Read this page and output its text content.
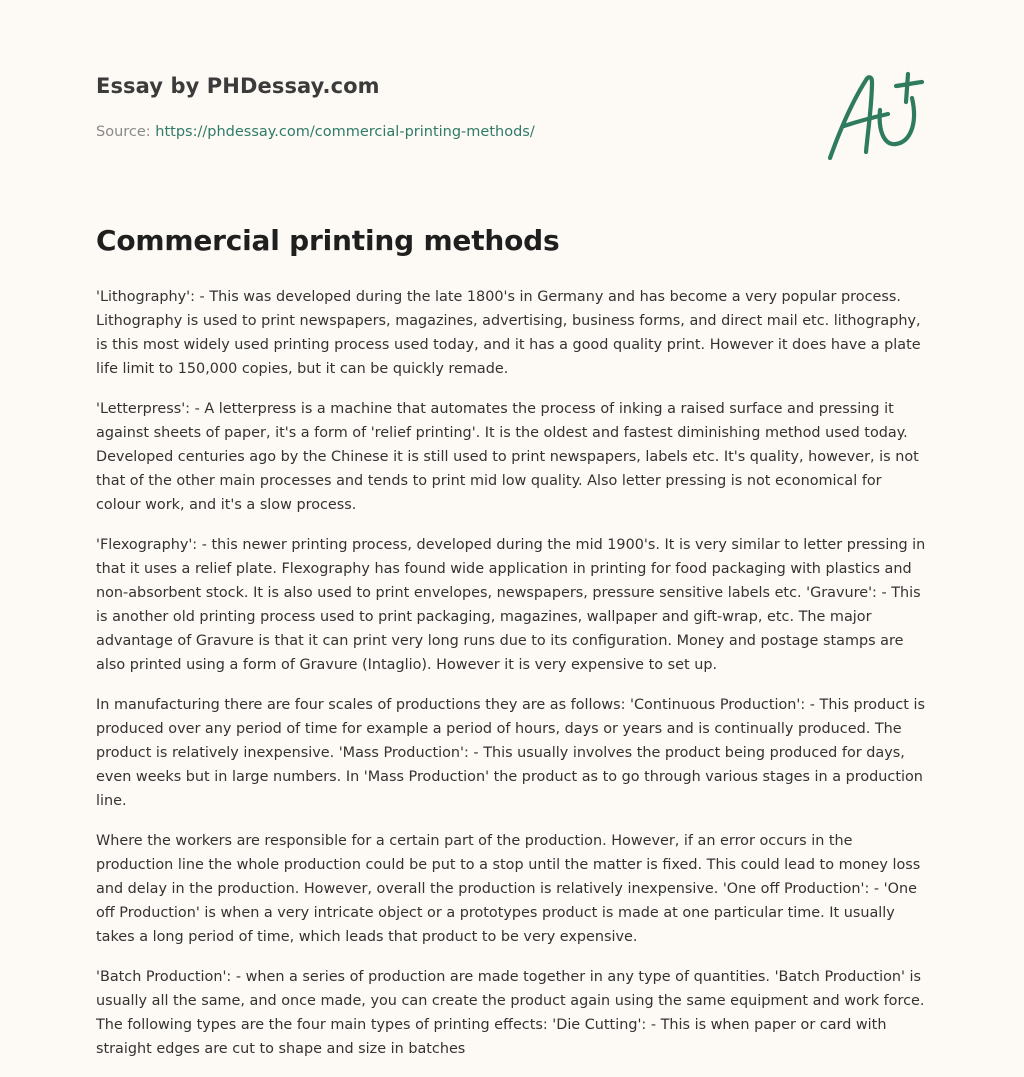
Essay by PHDessay.com

Source: https://phdessay.com/commercial-printing-methods/

Commercial printing methods

'Lithography': - This was developed during the late 1800's in Germany and has become a very popular process. Lithography is used to print newspapers, magazines, advertising, business forms, and direct mail etc. lithography, is this most widely used printing process used today, and it has a good quality print. However it does have a plate life limit to 150,000 copies, but it can be quickly remade.

'Letterpress': - A letterpress is a machine that automates the process of inking a raised surface and pressing it against sheets of paper, it's a form of 'relief printing'. It is the oldest and fastest diminishing method used today. Developed centuries ago by the Chinese it is still used to print newspapers, labels etc. It's quality, however, is not that of the other main processes and tends to print mid low quality. Also letter pressing is not economical for colour work, and it's a slow process.

'Flexography': - this newer printing process, developed during the mid 1900's. It is very similar to letter pressing in that it uses a relief plate. Flexography has found wide application in printing for food packaging with plastics and non-absorbent stock. It is also used to print envelopes, newspapers, pressure sensitive labels etc. 'Gravure': - This is another old printing process used to print packaging, magazines, wallpaper and gift-wrap, etc. The major advantage of Gravure is that it can print very long runs due to its configuration. Money and postage stamps are also printed using a form of Gravure (Intaglio). However it is very expensive to set up.

In manufacturing there are four scales of productions they are as follows: 'Continuous Production': - This product is produced over any period of time for example a period of hours, days or years and is continually produced. The product is relatively inexpensive. 'Mass Production': - This usually involves the product being produced for days, even weeks but in large numbers. In 'Mass Production' the product as to go through various stages in a production line.

Where the workers are responsible for a certain part of the production. However, if an error occurs in the production line the whole production could be put to a stop until the matter is fixed. This could lead to money loss and delay in the production. However, overall the production is relatively inexpensive. 'One off Production': - 'One off Production' is when a very intricate object or a prototypes product is made at one particular time. It usually takes a long period of time, which leads that product to be very expensive.

'Batch Production': - when a series of production are made together in any type of quantities. 'Batch Production' is usually all the same, and once made, you can create the product again using the same equipment and work force. The following types are the four main types of printing effects: 'Die Cutting': - This is when paper or card with straight edges are cut to shape and size in batches
